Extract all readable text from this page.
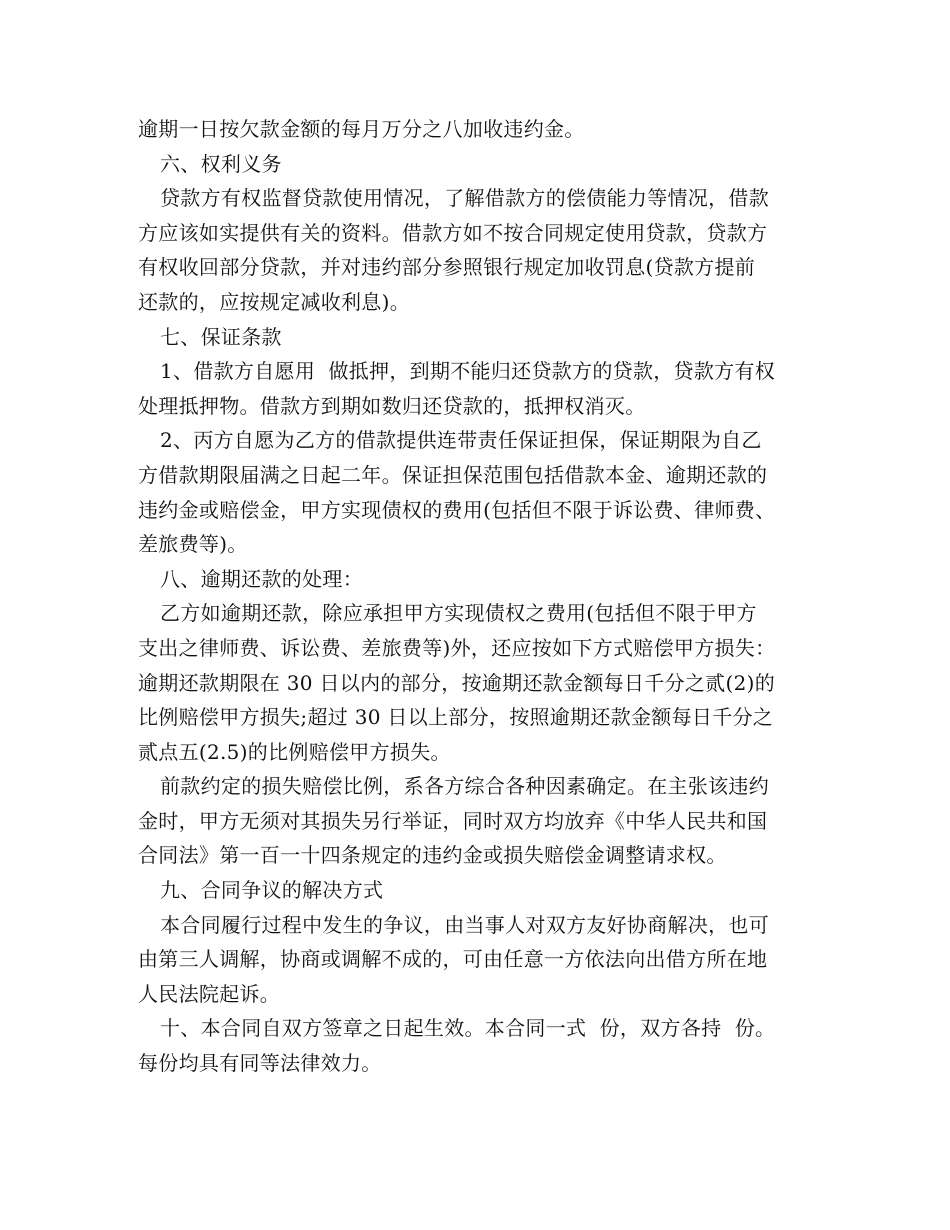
逾期一日按欠款金额的每月万分之八加收违约金。
六、权利义务
贷款方有权监督贷款使用情况，了解借款方的偿债能力等情况，借款
方应该如实提供有关的资料。借款方如不按合同规定使用贷款，贷款方
有权收回部分贷款，并对违约部分参照银行规定加收罚息(贷款方提前
还款的，应按规定减收利息)。
七、保证条款
1、借款方自愿用  做抵押，到期不能归还贷款方的贷款，贷款方有权
处理抵押物。借款方到期如数归还贷款的，抵押权消灭。
2、丙方自愿为乙方的借款提供连带责任保证担保，保证期限为自乙
方借款期限届满之日起二年。保证担保范围包括借款本金、逾期还款的
违约金或赔偿金，甲方实现债权的费用(包括但不限于诉讼费、律师费、
差旅费等)。
八、逾期还款的处理：
乙方如逾期还款，除应承担甲方实现债权之费用(包括但不限于甲方
支出之律师费、诉讼费、差旅费等)外，还应按如下方式赔偿甲方损失：
逾期还款期限在 30 日以内的部分，按逾期还款金额每日千分之贰(2)的
比例赔偿甲方损失;超过 30 日以上部分，按照逾期还款金额每日千分之
贰点五(2.5)的比例赔偿甲方损失。
前款约定的损失赔偿比例，系各方综合各种因素确定。在主张该违约
金时，甲方无须对其损失另行举证，同时双方均放弃《中华人民共和国
合同法》第一百一十四条规定的违约金或损失赔偿金调整请求权。
九、合同争议的解决方式
本合同履行过程中发生的争议，由当事人对双方友好协商解决，也可
由第三人调解，协商或调解不成的，可由任意一方依法向出借方所在地
人民法院起诉。
十、本合同自双方签章之日起生效。本合同一式  份，双方各持  份。
每份均具有同等法律效力。
